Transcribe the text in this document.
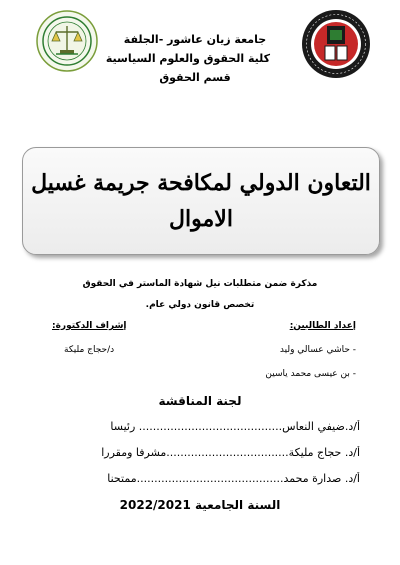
جامعة زيان عاشور -الجلفة
كلية الحقوق والعلوم السياسية
قسم الحقوق
التعاون الدولي لمكافحة جريمة غسيل
الاموال
مذكرة ضمن متطلبات نيل شهادة الماستر في الحقوق
تخصص قانون دولي عام.
إعداد الطالبين:
إشراف الدكتورة:
- حاشي عسالي وليد
- بن عيسى محمد ياسين
د/حجاج مليكة
لجنة المناقشة
أ/د.ضيفي النعاس......................................... رئيسا
أ/د. حجاج مليكة...................................مشرفا ومقررا
أ/د. صدارة محمد..........................................ممتحنا
السنة الجامعية 2022/2021
